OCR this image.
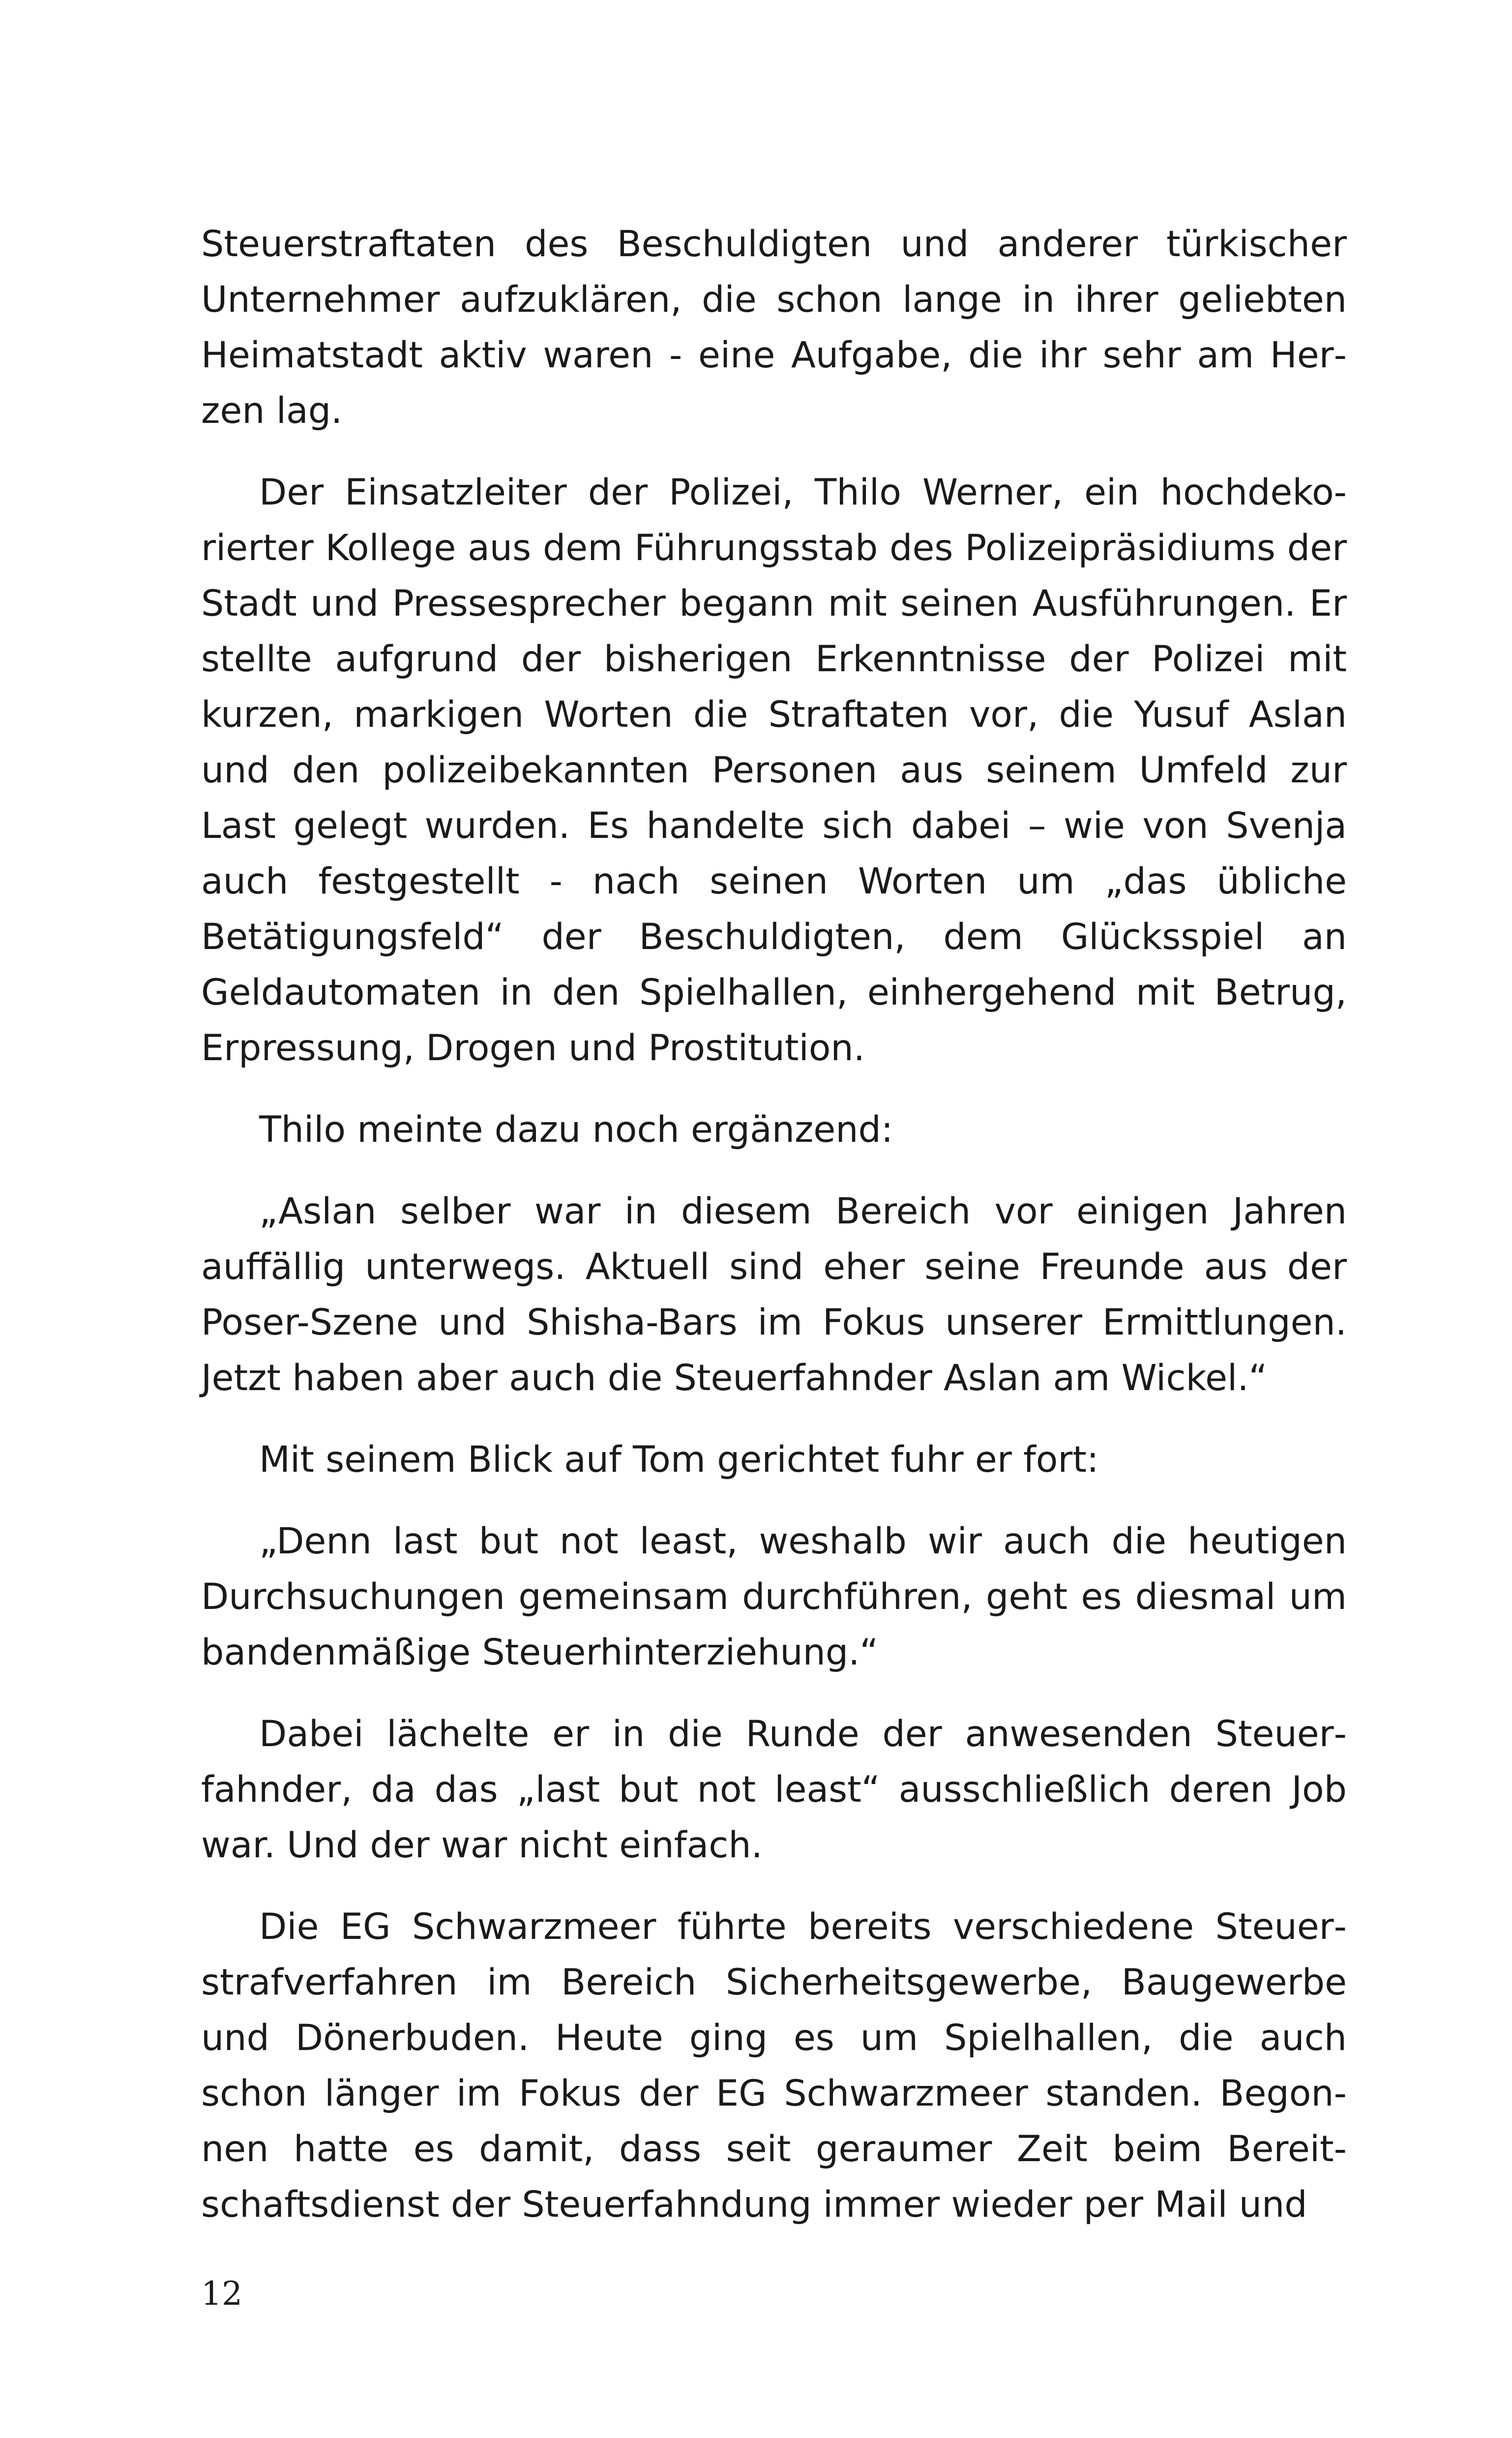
Steuerstraftaten des Beschuldigten und anderer türkischer Unternehmer aufzuklären, die schon lange in ihrer geliebten Heimatstadt aktiv waren - eine Aufgabe, die ihr sehr am Herzen lag.

Der Einsatzleiter der Polizei, Thilo Werner, ein hochdekorierter Kollege aus dem Führungsstab des Polizeipräsidiums der Stadt und Pressesprecher begann mit seinen Ausführungen. Er stellte aufgrund der bisherigen Erkenntnisse der Polizei mit kurzen, markigen Worten die Straftaten vor, die Yusuf Aslan und den polizeibekannten Personen aus seinem Umfeld zur Last gelegt wurden. Es handelte sich dabei – wie von Svenja auch festgestellt - nach seinen Worten um „das übliche Betätigungsfeld“ der Beschuldigten, dem Glücksspiel an Geldautomaten in den Spielhallen, einhergehend mit Betrug, Erpressung, Drogen und Prostitution.

Thilo meinte dazu noch ergänzend:

„Aslan selber war in diesem Bereich vor einigen Jahren auffällig unterwegs. Aktuell sind eher seine Freunde aus der Poser-Szene und Shisha-Bars im Fokus unserer Ermittlungen. Jetzt haben aber auch die Steuerfahnder Aslan am Wickel.“

Mit seinem Blick auf Tom gerichtet fuhr er fort:

„Denn last but not least, weshalb wir auch die heutigen Durchsuchungen gemeinsam durchführen, geht es diesmal um bandenmäßige Steuerhinterziehung.“

Dabei lächelte er in die Runde der anwesenden Steuerfahnder, da das „last but not least“ ausschließlich deren Job war. Und der war nicht einfach.

Die EG Schwarzmeer führte bereits verschiedene Steuerstrafverfahren im Bereich Sicherheitsgewerbe, Baugewerbe und Dönerbuden. Heute ging es um Spielhallen, die auch schon länger im Fokus der EG Schwarzmeer standen. Begonnen hatte es damit, dass seit geraumer Zeit beim Bereitschaftsdienst der Steuerfahndung immer wieder per Mail und

12
